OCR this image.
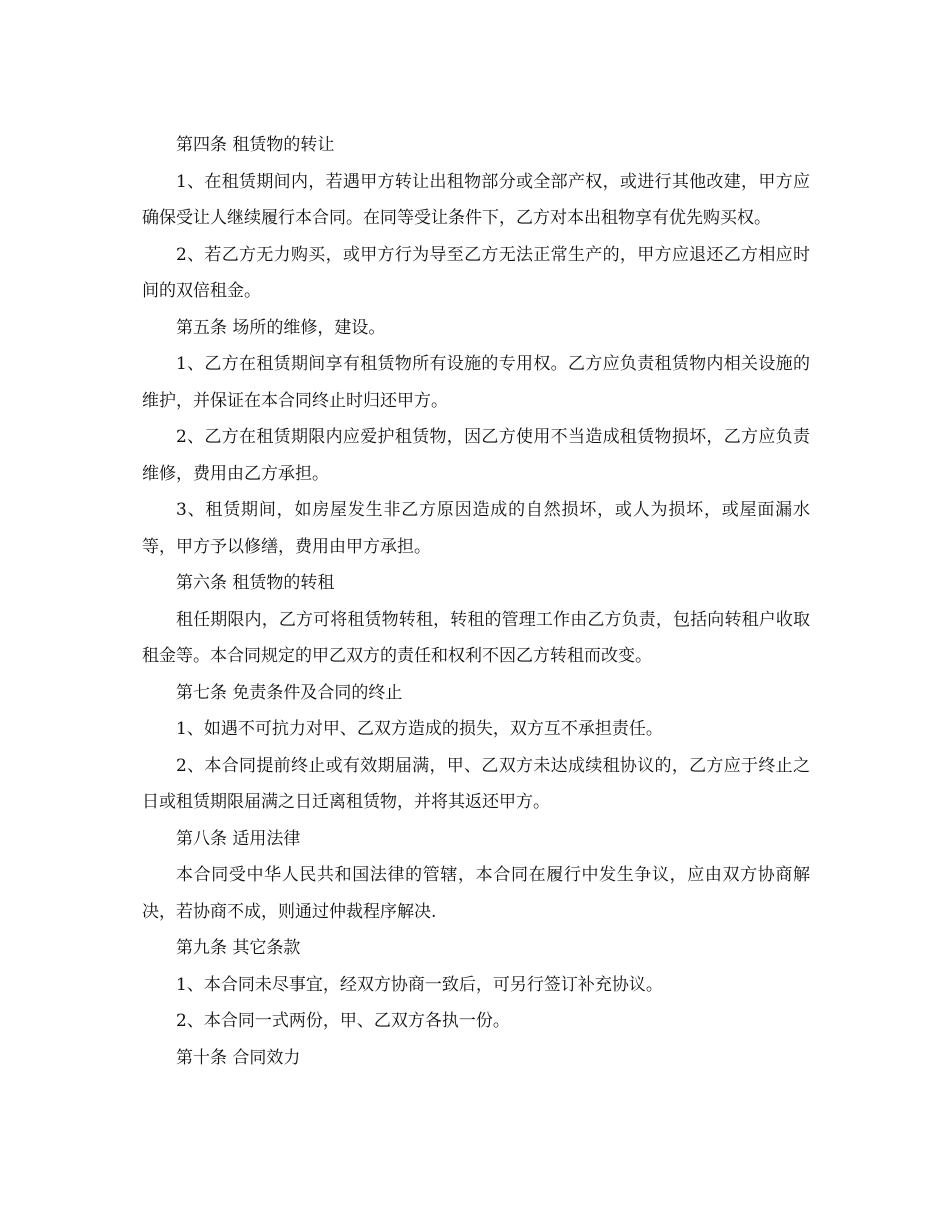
第四条 租赁物的转让

1、在租赁期间内，若遇甲方转让出租物部分或全部产权，或进行其他改建，甲方应确保受让人继续履行本合同。在同等受让条件下，乙方对本出租物享有优先购买权。

2、若乙方无力购买，或甲方行为导至乙方无法正常生产的，甲方应退还乙方相应时间的双倍租金。

第五条 场所的维修，建设。

1、乙方在租赁期间享有租赁物所有设施的专用权。乙方应负责租赁物内相关设施的维护，并保证在本合同终止时归还甲方。

2、乙方在租赁期限内应爱护租赁物，因乙方使用不当造成租赁物损坏，乙方应负责维修，费用由乙方承担。

3、租赁期间，如房屋发生非乙方原因造成的自然损坏，或人为损坏，或屋面漏水等，甲方予以修缮，费用由甲方承担。

第六条 租赁物的转租

租任期限内，乙方可将租赁物转租，转租的管理工作由乙方负责，包括向转租户收取租金等。本合同规定的甲乙双方的责任和权利不因乙方转租而改变。

第七条 免责条件及合同的终止

1、如遇不可抗力对甲、乙双方造成的损失，双方互不承担责任。

2、本合同提前终止或有效期届满，甲、乙双方未达成续租协议的，乙方应于终止之日或租赁期限届满之日迁离租赁物，并将其返还甲方。

第八条 适用法律

本合同受中华人民共和国法律的管辖，本合同在履行中发生争议，应由双方协商解决，若协商不成，则通过仲裁程序解决.

第九条 其它条款

1、本合同未尽事宜，经双方协商一致后，可另行签订补充协议。

2、本合同一式两份，甲、乙双方各执一份。

第十条 合同效力
